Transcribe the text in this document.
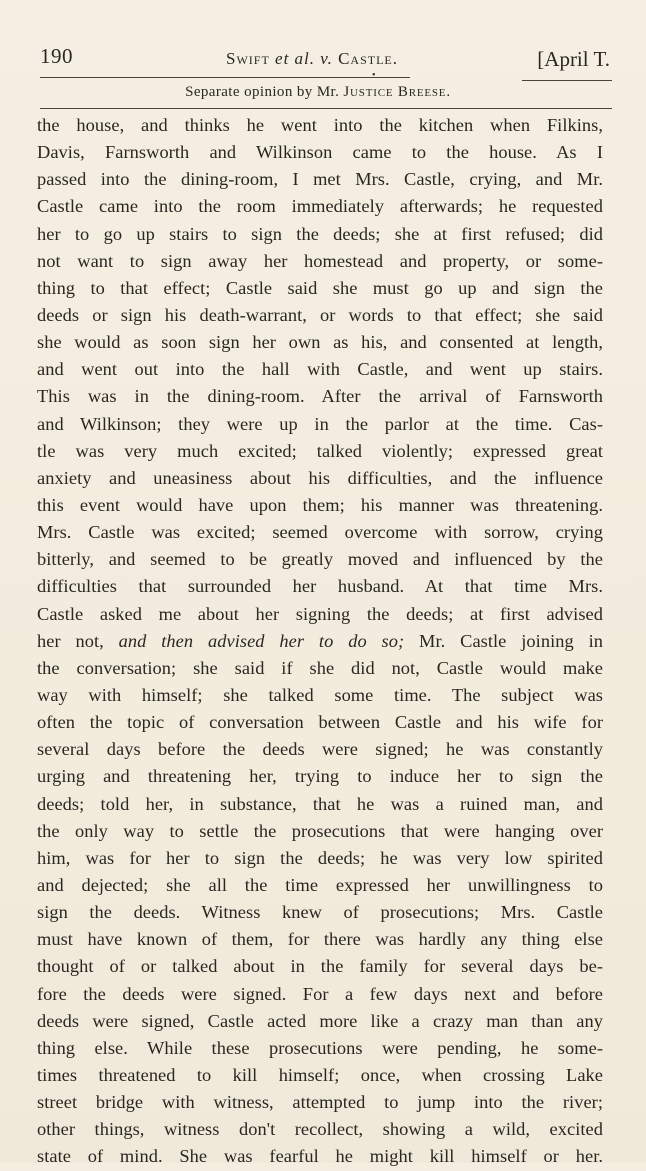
190	Swift et al. v. Castle.	[April T.
•
Separate opinion by Mr. Justice Breese.
the house, and thinks he went into the kitchen when Filkins,
Davis, Farnsworth and Wilkinson came to the house. As I
passed into the dining-room, I met Mrs. Castle, crying, and Mr.
Castle came into the room immediately afterwards; he requested
her to go up stairs to sign the deeds; she at first refused; did
not want to sign away her homestead and property, or some-
thing to that effect; Castle said she must go up and sign the
deeds or sign his death-warrant, or words to that effect; she said
she would as soon sign her own as his, and consented at length,
and went out into the hall with Castle, and went up stairs.
This was in the dining-room. After the arrival of Farnsworth
and Wilkinson; they were up in the parlor at the time. Cas-
tle was very much excited; talked violently; expressed great
anxiety and uneasiness about his difficulties, and the influence
this event would have upon them; his manner was threatening.
Mrs. Castle was excited; seemed overcome with sorrow, crying
bitterly, and seemed to be greatly moved and influenced by the
difficulties that surrounded her husband. At that time Mrs.
Castle asked me about her signing the deeds; at first advised
her not, and then advised her to do so; Mr. Castle joining in
the conversation; she said if she did not, Castle would make
way with himself; she talked some time. The subject was
often the topic of conversation between Castle and his wife for
several days before the deeds were signed; he was constantly
urging and threatening her, trying to induce her to sign the
deeds; told her, in substance, that he was a ruined man, and
the only way to settle the prosecutions that were hanging over
him, was for her to sign the deeds; he was very low spirited
and dejected; she all the time expressed her unwillingness to
sign the deeds. Witness knew of prosecutions; Mrs. Castle
must have known of them, for there was hardly any thing else
thought of or talked about in the family for several days be-
fore the deeds were signed. For a few days next and before
deeds were signed, Castle acted more like a crazy man than any
thing else. While these prosecutions were pending, he some-
times threatened to kill himself; once, when crossing Lake
street bridge with witness, attempted to jump into the river;
other things, witness don't recollect, showing a wild, excited
state of mind. She was fearful he might kill himself or her.
